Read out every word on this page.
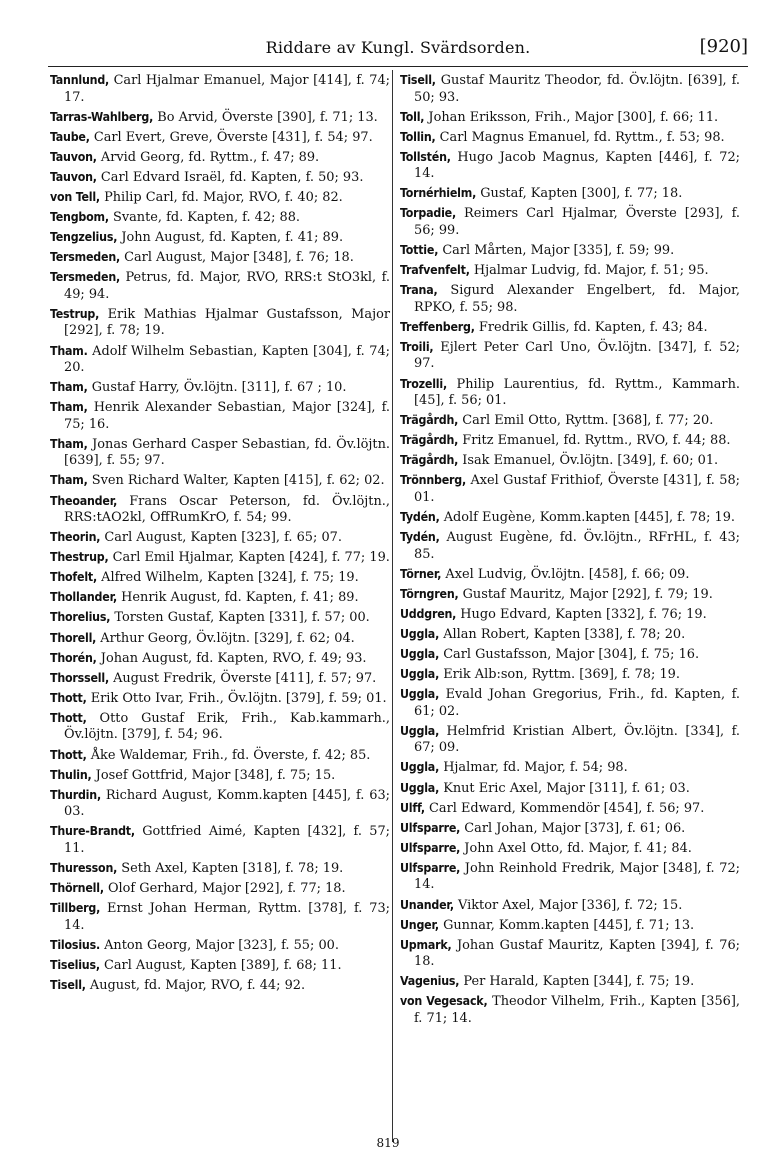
Riddare av Kungl. Svärdsorden.	[920]
Tannlund, Carl Hjalmar Emanuel, Major [414], f. 74; 17.
Tarras-Wahlberg, Bo Arvid, Överste [390], f. 71; 13.
Taube, Carl Evert, Greve, Överste [431], f. 54; 97.
Tauvon, Arvid Georg, fd. Ryttm., f. 47; 89.
Tauvon, Carl Edvard Israël, fd. Kapten, f. 50; 93.
von Tell, Philip Carl, fd. Major, RVO, f. 40; 82.
Tengbom, Svante, fd. Kapten, f. 42; 88.
Tengzelius, John August, fd. Kapten, f. 41; 89.
Tersmeden, Carl August, Major [348], f. 76; 18.
Tersmeden, Petrus, fd. Major, RVO, RRS:t StO3kl, f. 49; 94.
Testrup, Erik Mathias Hjalmar Gustafsson, Major [292], f. 78; 19.
Tham. Adolf Wilhelm Sebastian, Kapten [304], f. 74; 20.
Tham, Gustaf Harry, Öv.löjtn. [311], f. 67 ; 10.
Tham, Henrik Alexander Sebastian, Major [324], f. 75; 16.
Tham, Jonas Gerhard Casper Sebastian, fd. Öv.löjtn. [639], f. 55; 97.
Tham, Sven Richard Walter, Kapten [415], f. 62; 02.
Theoander, Frans Oscar Peterson, fd. Öv.löjtn., RRS:tAO2kl, OffRumKrO, f. 54; 99.
Theorin, Carl August, Kapten [323], f. 65; 07.
Thestrup, Carl Emil Hjalmar, Kapten [424], f. 77; 19.
Thofelt, Alfred Wilhelm, Kapten [324], f. 75; 19.
Thollander, Henrik August, fd. Kapten, f. 41; 89.
Thorelius, Torsten Gustaf, Kapten [331], f. 57; 00.
Thorell, Arthur Georg, Öv.löjtn. [329], f. 62; 04.
Thorén, Johan August, fd. Kapten, RVO, f. 49; 93.
Thorssell, August Fredrik, Överste [411], f. 57; 97.
Thott, Erik Otto Ivar, Frih., Öv.löjtn. [379], f. 59; 01.
Thott, Otto Gustaf Erik, Frih., Kab.kammarh., Öv.löjtn. [379], f. 54; 96.
Thott, Åke Waldemar, Frih., fd. Överste, f. 42; 85.
Thulin, Josef Gottfrid, Major [348], f. 75; 15.
Thurdin, Richard August, Komm.kapten [445], f. 63; 03.
Thure-Brandt, Gottfried Aimé, Kapten [432], f. 57; 11.
Thuresson, Seth Axel, Kapten [318], f. 78; 19.
Thörnell, Olof Gerhard, Major [292], f. 77; 18.
Tillberg, Ernst Johan Herman, Ryttm. [378], f. 73; 14.
Tilosius. Anton Georg, Major [323], f. 55; 00.
Tiselius, Carl August, Kapten [389], f. 68; 11.
Tisell, August, fd. Major, RVO, f. 44; 92.
Tisell, Gustaf Mauritz Theodor, fd. Öv.löjtn. [639], f. 50; 93.
Toll, Johan Eriksson, Frih., Major [300], f. 66; 11.
Tollin, Carl Magnus Emanuel, fd. Ryttm., f. 53; 98.
Tollstén, Hugo Jacob Magnus, Kapten [446], f. 72; 14.
Tornérhielm, Gustaf, Kapten [300], f. 77; 18.
Torpadie, Reimers Carl Hjalmar, Överste [293], f. 56; 99.
Tottie, Carl Mårten, Major [335], f. 59; 99.
Trafvenfelt, Hjalmar Ludvig, fd. Major, f. 51; 95.
Trana, Sigurd Alexander Engelbert, fd. Major, RPKO, f. 55; 98.
Treffenberg, Fredrik Gillis, fd. Kapten, f. 43; 84.
Troili, Ejlert Peter Carl Uno, Öv.löjtn. [347], f. 52; 97.
Trozelli, Philip Laurentius, fd. Ryttm., Kammarh. [45], f. 56; 01.
Trägårdh, Carl Emil Otto, Ryttm. [368], f. 77; 20.
Trägårdh, Fritz Emanuel, fd. Ryttm., RVO, f. 44; 88.
Trägårdh, Isak Emanuel, Öv.löjtn. [349], f. 60; 01.
Trönnberg, Axel Gustaf Frithiof, Överste [431], f. 58; 01.
Tydén, Adolf Eugène, Komm.kapten [445], f. 78; 19.
Tydén, August Eugène, fd. Öv.löjtn., RFrHL, f. 43; 85.
Törner, Axel Ludvig, Öv.löjtn. [458], f. 66; 09.
Törngren, Gustaf Mauritz, Major [292], f. 79; 19.
Uddgren, Hugo Edvard, Kapten [332], f. 76; 19.
Uggla, Allan Robert, Kapten [338], f. 78; 20.
Uggla, Carl Gustafsson, Major [304], f. 75; 16.
Uggla, Erik Alb:son, Ryttm. [369], f. 78; 19.
Uggla, Evald Johan Gregorius, Frih., fd. Kapten, f. 61; 02.
Uggla, Helmfrid Kristian Albert, Öv.löjtn. [334], f. 67; 09.
Uggla, Hjalmar, fd. Major, f. 54; 98.
Uggla, Knut Eric Axel, Major [311], f. 61; 03.
Ulff, Carl Edward, Kommendör [454], f. 56; 97.
Ulfsparre, Carl Johan, Major [373], f. 61; 06.
Ulfsparre, John Axel Otto, fd. Major, f. 41; 84.
Ulfsparre, John Reinhold Fredrik, Major [348], f. 72; 14.
Unander, Viktor Axel, Major [336], f. 72; 15.
Unger, Gunnar, Komm.kapten [445], f. 71; 13.
Upmark, Johan Gustaf Mauritz, Kapten [394], f. 76; 18.
Vagenius, Per Harald, Kapten [344], f. 75; 19.
von Vegesack, Theodor Vilhelm, Frih., Kapten [356], f. 71; 14.
819
